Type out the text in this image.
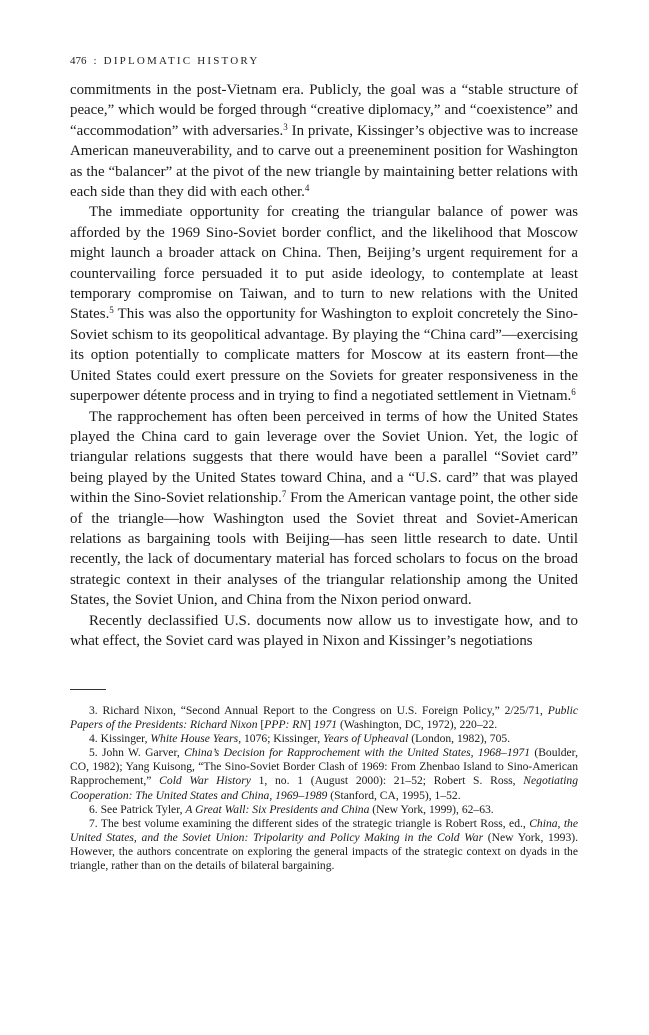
476 : DIPLOMATIC HISTORY

commitments in the post-Vietnam era. Publicly, the goal was a “stable structure of peace,” which would be forged through “creative diplomacy,” and “coexistence” and “accommodation” with adversaries.$^3$ In private, Kissinger’s objective was to increase American maneuverability, and to carve out a preeneminent position for Washington as the “balancer” at the pivot of the new triangle by maintaining better relations with each side than they did with each other.$^4$

The immediate opportunity for creating the triangular balance of power was afforded by the 1969 Sino-Soviet border conflict, and the likelihood that Moscow might launch a broader attack on China. Then, Beijing’s urgent requirement for a countervailing force persuaded it to put aside ideology, to contemplate at least temporary compromise on Taiwan, and to turn to new relations with the United States.$^5$ This was also the opportunity for Washington to exploit concretely the Sino-Soviet schism to its geopolitical advantage. By playing the “China card”—exercising its option potentially to complicate matters for Moscow at its eastern front—the United States could exert pressure on the Soviets for greater responsiveness in the superpower détente process and in trying to find a negotiated settlement in Vietnam.$^6$

The rapprochement has often been perceived in terms of how the United States played the China card to gain leverage over the Soviet Union. Yet, the logic of triangular relations suggests that there would have been a parallel “Soviet card” being played by the United States toward China, and a “U.S. card” that was played within the Sino-Soviet relationship.$^7$ From the American vantage point, the other side of the triangle—how Washington used the Soviet threat and Soviet-American relations as bargaining tools with Beijing—has seen little research to date. Until recently, the lack of documentary material has forced scholars to focus on the broad strategic context in their analyses of the triangular relationship among the United States, the Soviet Union, and China from the Nixon period onward.

Recently declassified U.S. documents now allow us to investigate how, and to what effect, the Soviet card was played in Nixon and Kissinger’s negotiations

3. Richard Nixon, “Second Annual Report to the Congress on U.S. Foreign Policy,” 2/25/71, Public Papers of the Presidents: Richard Nixon [PPP: RN] 1971 (Washington, DC, 1972), 220–22.

4. Kissinger, White House Years, 1076; Kissinger, Years of Upheaval (London, 1982), 705.

5. John W. Garver, China’s Decision for Rapprochement with the United States, 1968–1971 (Boulder, CO, 1982); Yang Kuisong, “The Sino-Soviet Border Clash of 1969: From Zhenbao Island to Sino-American Rapprochement,” Cold War History 1, no. 1 (August 2000): 21–52; Robert S. Ross, Negotiating Cooperation: The United States and China, 1969–1989 (Stanford, CA, 1995), 1–52.

6. See Patrick Tyler, A Great Wall: Six Presidents and China (New York, 1999), 62–63.

7. The best volume examining the different sides of the strategic triangle is Robert Ross, ed., China, the United States, and the Soviet Union: Tripolarity and Policy Making in the Cold War (New York, 1993). However, the authors concentrate on exploring the general impacts of the strategic context on dyads in the triangle, rather than on the details of bilateral bargaining.
